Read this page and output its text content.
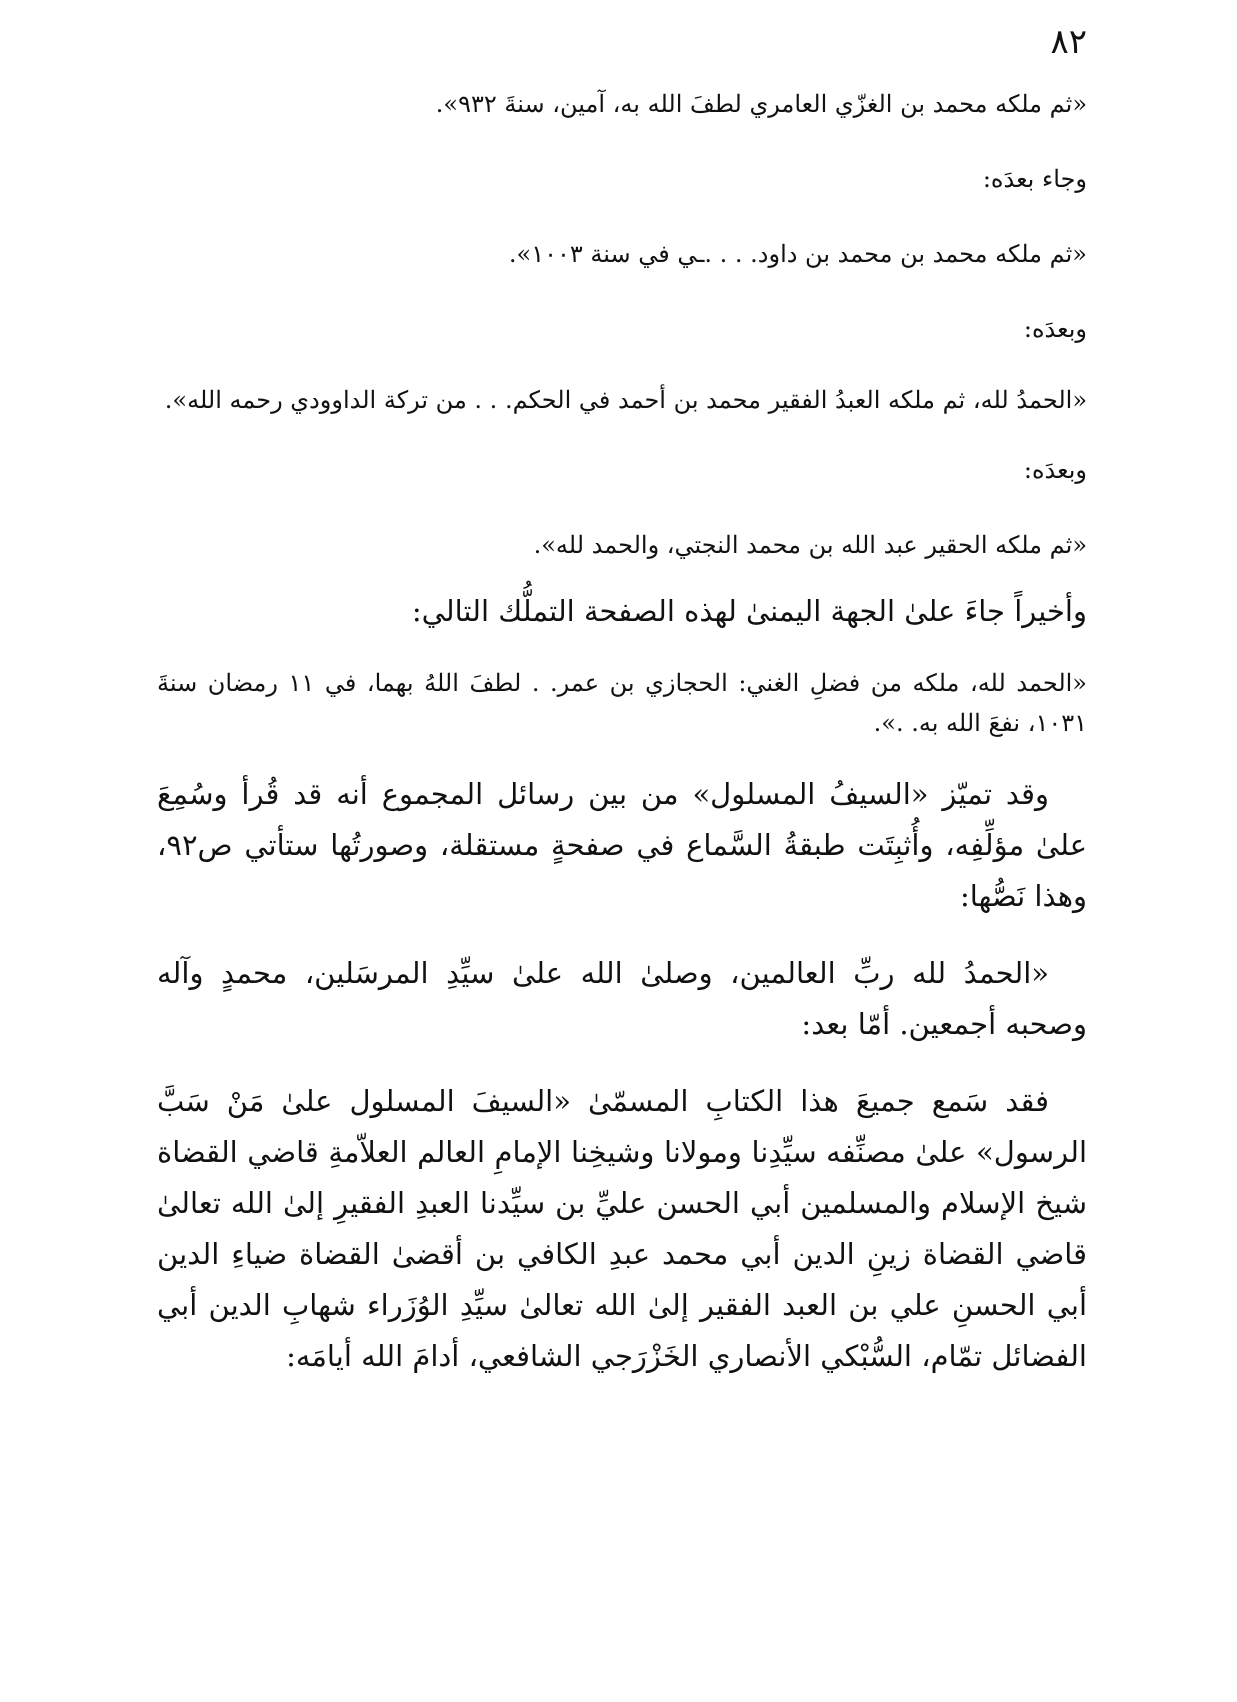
٨٢

«ثم ملكه محمد بن الغزّي العامري لطفَ الله به، آمين، سنةَ ٩٣٢».

وجاء بعدَه:

«ثم ملكه محمد بن محمد بن داود. . . .ـي في سنة ١٠٠٣».

وبعدَه:

«الحمدُ لله، ثم ملكه العبدُ الفقير محمد بن أحمد في الحكم. . . من تركة الداوودي رحمه الله».

وبعدَه:

«ثم ملكه الحقير عبد الله بن محمد النجتي، والحمد لله».

وأخيراً جاءَ علىٰ الجهة اليمنىٰ لهذه الصفحة التملُّك التالي:

«الحمد لله، ملكه من فضلِ الغني: الحجازي بن عمر. . لطفَ اللهُ بهما، في ١١ رمضان سنةَ ١٠٣١، نفعَ الله به. .».

وقد تميّز «السيفُ المسلول» من بين رسائل المجموع أنه قد قُرأ وسُمِعَ علىٰ مؤلِّفِه، وأُثبِتَت طبقةُ السَّماع في صفحةٍ مستقلة، وصورتُها ستأتي ص٩٢، وهذا نَصُّها:

«الحمدُ لله ربِّ العالمين، وصلىٰ الله علىٰ سيِّدِ المرسَلين، محمدٍ وآله وصحبه أجمعين. أمّا بعد:

فقد سَمع جميعَ هذا الكتابِ المسمّىٰ «السيفَ المسلول علىٰ مَنْ سَبَّ الرسول» علىٰ مصنِّفه سيِّدِنا ومولانا وشيخِنا الإمامِ العالم العلاّمةِ قاضي القضاة شيخ الإسلام والمسلمين أبي الحسن عليِّ بن سيِّدنا العبدِ الفقيرِ إلىٰ الله تعالىٰ قاضي القضاة زينِ الدين أبي محمد عبدِ الكافي بن أقضىٰ القضاة ضياءِ الدين أبي الحسنِ علي بن العبد الفقير إلىٰ الله تعالىٰ سيِّدِ الوُزَراء شهابِ الدين أبي الفضائل تمّام، السُّبْكي الأنصاري الخَزْرَجي الشافعي، أدامَ الله أيامَه:
